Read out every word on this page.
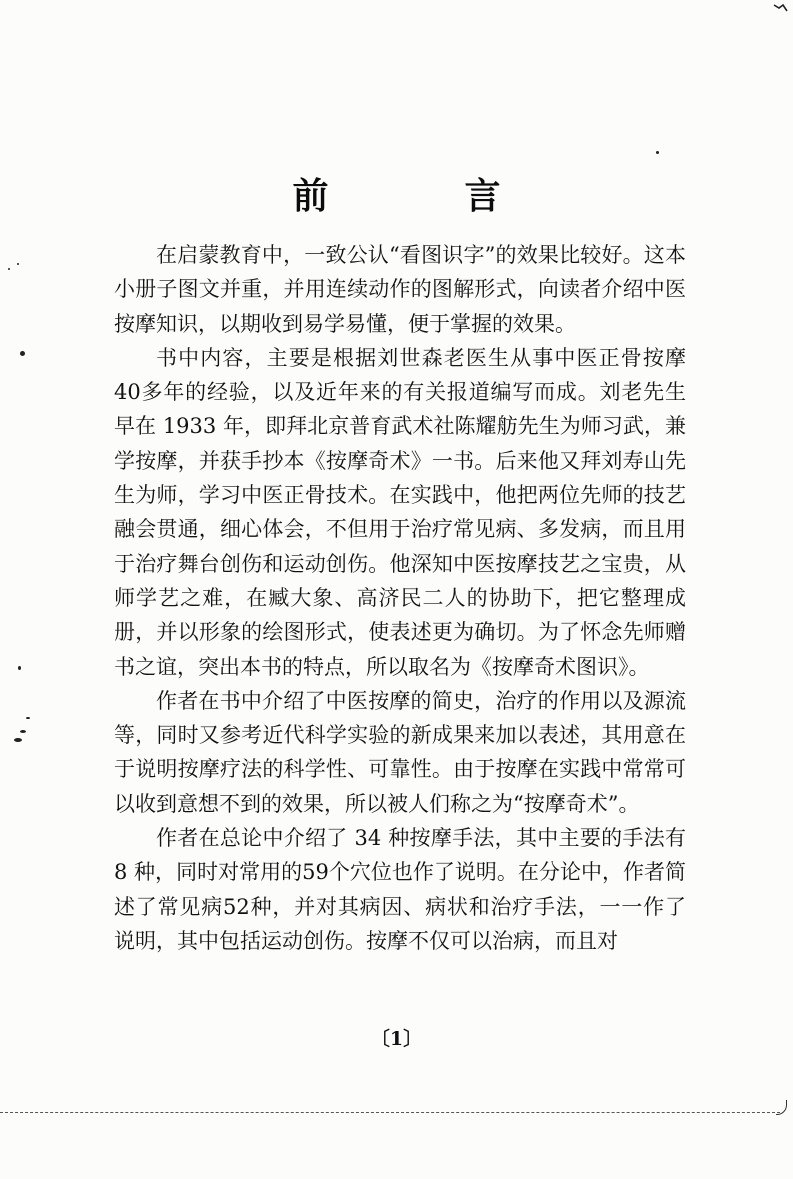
前　言

在启蒙教育中，一致公认“看图识字”的效果比较好。这本小册子图文并重，并用连续动作的图解形式，向读者介绍中医按摩知识，以期收到易学易懂，便于掌握的效果。

书中内容，主要是根据刘世森老医生从事中医正骨按摩40多年的经验，以及近年来的有关报道编写而成。刘老先生早在 1933 年，即拜北京普育武术社陈耀舫先生为师习武，兼学按摩，并获手抄本《按摩奇术》一书。后来他又拜刘寿山先生为师，学习中医正骨技术。在实践中，他把两位先师的技艺融会贯通，细心体会，不但用于治疗常见病、多发病，而且用于治疗舞台创伤和运动创伤。他深知中医按摩技艺之宝贵，从师学艺之难，在臧大象、高济民二人的协助下，把它整理成册，并以形象的绘图形式，使表述更为确切。为了怀念先师赠书之谊，突出本书的特点，所以取名为《按摩奇术图识》。

作者在书中介绍了中医按摩的简史，治疗的作用以及源流等，同时又参考近代科学实验的新成果来加以表述，其用意在于说明按摩疗法的科学性、可靠性。由于按摩在实践中常常可以收到意想不到的效果，所以被人们称之为“按摩奇术”。

作者在总论中介绍了 34 种按摩手法，其中主要的手法有 8 种，同时对常用的59个穴位也作了说明。在分论中，作者简述了常见病52种，并对其病因、病状和治疗手法，一一作了说明，其中包括运动创伤。按摩不仅可以治病，而且对

〔1〕
